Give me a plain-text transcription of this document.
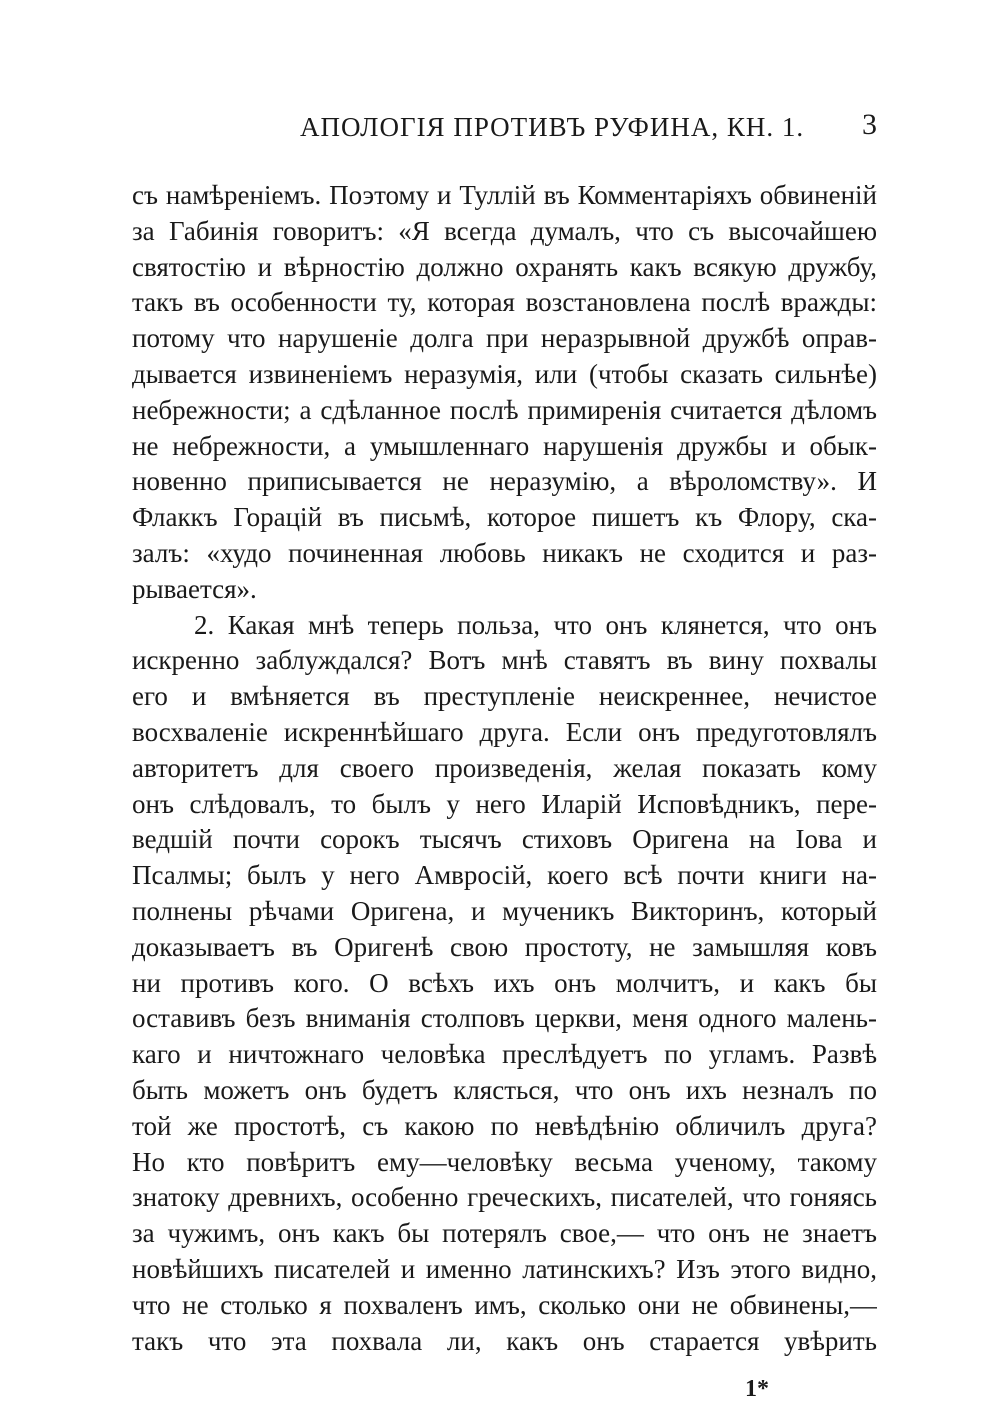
АПОЛОГІЯ ПРОТИВЪ РУФИНА, КН. 1. 3
съ намѣреніемъ. Поэтому и Туллій въ Комментаріяхъ обвиненій
за Габинія говоритъ: «Я всегда думалъ, что съ высочайшею
святостію и вѣрностію должно охранять какъ всякую дружбу,
такъ въ особенности ту, которая возстановлена послѣ вражды:
потому что нарушеніе долга при неразрывной дружбѣ оправ-
дывается извиненіемъ неразумія, или (чтобы сказать сильнѣе)
небрежности; а сдѣланное послѣ примиренія считается дѣломъ
не небрежности, а умышленнаго нарушенія дружбы и обык-
новенно приписывается не неразумію, а вѣроломству». И
Флаккъ Горацій въ письмѣ, которое пишетъ къ Флору, ска-
залъ: «худо починенная любовь никакъ не сходится и раз-
рывается».
2. Какая мнѣ теперь польза, что онъ клянется, что онъ
искренно заблуждался? Вотъ мнѣ ставятъ въ вину похвалы
его и вмѣняется въ преступленіе неискреннее, нечистое
восхваленіе искреннѣйшаго друга. Если онъ предуготовлялъ
авторитетъ для своего произведенія, желая показать кому
онъ слѣдовалъ, то былъ у него Иларій Исповѣдникъ, пере-
ведшій почти сорокъ тысячъ стиховъ Оригена на Іова и
Псалмы; былъ у него Амвросій, коего всѣ почти книги на-
полнены рѣчами Оригена, и мученикъ Викторинъ, который
доказываетъ въ Оригенѣ свою простоту, не замышляя ковъ
ни противъ кого. О всѣхъ ихъ онъ молчитъ, и какъ бы
оставивъ безъ вниманія столповъ церкви, меня одного малень-
каго и ничтожнаго человѣка преслѣдуетъ по угламъ. Развѣ
быть можетъ онъ будетъ клясться, что онъ ихъ незналъ по
той же простотѣ, съ какою по невѣдѣнію обличилъ друга?
Но кто повѣритъ ему—человѣку весьма ученому, такому
знатоку древнихъ, особенно греческихъ, писателей, что гоняясь
за чужимъ, онъ какъ бы потерялъ свое,— что онъ не знаетъ
новѣйшихъ писателей и именно латинскихъ? Изъ этого видно,
что не столько я похваленъ имъ, сколько они не обвинены,—
такъ что эта похвала ли, какъ онъ старается увѣрить
1*
